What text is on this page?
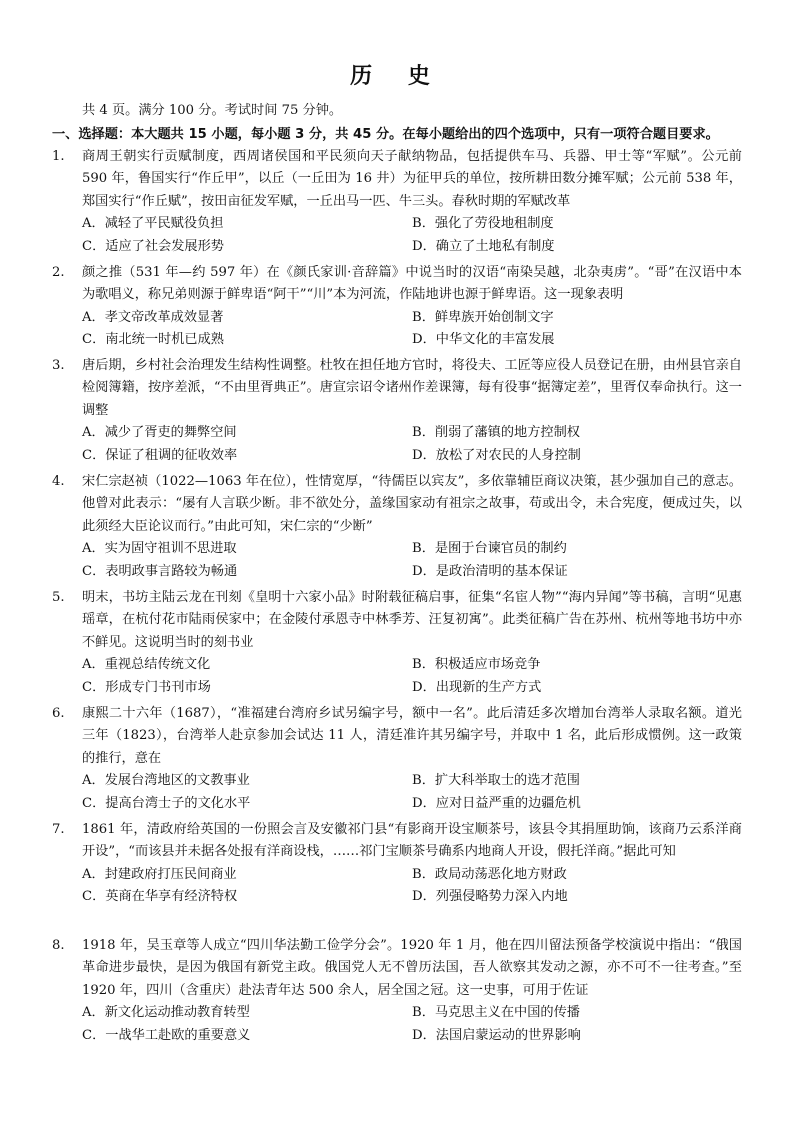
历 史
共 4 页。满分 100 分。考试时间 75 分钟。
一、选择题：本大题共 15 小题，每小题 3 分，共 45 分。在每小题给出的四个选项中，只有一项符合题目要求。
1.	商周王朝实行贡赋制度，西周诸侯国和平民须向天子献纳物品，包括提供车马、兵器、甲士等“军赋”。公元前 590 年，鲁国实行“作丘甲”，以丘（一丘田为 16 井）为征甲兵的单位，按所耕田数分摊军赋；公元前 538 年，郑国实行“作丘赋”，按田亩征发军赋，一丘出马一匹、牛三头。春秋时期的军赋改革
A．减轻了平民赋役负担	B．强化了劳役地租制度
C．适应了社会发展形势	D．确立了土地私有制度
2.	颜之推（531 年—约 597 年）在《颜氏家训·音辞篇》中说当时的汉语“南染吴越，北杂夷虏”。“哥”在汉语中本为歌唱义，称兄弟则源于鲜卑语“阿干”“川”本为河流，作陆地讲也源于鲜卑语。这一现象表明
A．孝文帝改革成效显著	B．鲜卑族开始创制文字
C．南北统一时机已成熟	D．中华文化的丰富发展
3.	唐后期，乡村社会治理发生结构性调整。杜牧在担任地方官时，将役夫、工匠等应役人员登记在册，由州县官亲自检阅簿籍，按序差派，“不由里胥典正”。唐宣宗诏令诸州作差课簿，每有役事“据簿定差”，里胥仅奉命执行。这一调整
A．减少了胥吏的舞弊空间	B．削弱了藩镇的地方控制权
C．保证了租调的征收效率	D．放松了对农民的人身控制
4.	宋仁宗赵祯（1022—1063 年在位），性情宽厚，“待儒臣以宾友”，多依靠辅臣商议决策，甚少强加自己的意志。他曾对此表示：“屡有人言联少断。非不欲处分，盖缘国家动有祖宗之故事，苟或出令，未合宪度，便成过失，以此须经大臣论议而行。”由此可知，宋仁宗的“少断”
A．实为固守祖训不思进取	B．是囿于台谏官员的制约
C．表明政事言路较为畅通	D．是政治清明的基本保证
5.	明末，书坊主陆云龙在刊刻《皇明十六家小品》时附载征稿启事，征集“名宦人物”“海内异闻”等书稿，言明“见惠瑶章，在杭付花市陆雨侯家中；在金陵付承恩寺中林季芳、汪复初寓”。此类征稿广告在苏州、杭州等地书坊中亦不鲜见。这说明当时的刻书业
A．重视总结传统文化	B．积极适应市场竞争
C．形成专门书刊市场	D．出现新的生产方式
6.	康熙二十六年（1687），“准福建台湾府乡试另编字号，额中一名”。此后清廷多次增加台湾举人录取名额。道光三年（1823），台湾举人赴京参加会试达 11 人，清廷准许其另编字号，并取中 1 名，此后形成惯例。这一政策的推行，意在
A．发展台湾地区的文教事业	B．扩大科举取士的选才范围
C．提高台湾士子的文化水平	D．应对日益严重的边疆危机
7.	1861 年，清政府给英国的一份照会言及安徽祁门县“有影商开设宝顺茶号，该县令其捐厘助饷，该商乃云系洋商开设”，“而该县并未据各处报有洋商设栈，……祁门宝顺茶号确系内地商人开设，假托洋商。”据此可知
A．封建政府打压民间商业	B．政局动荡恶化地方财政
C．英商在华享有经济特权	D．列强侵略势力深入内地
8.	1918 年，吴玉章等人成立“四川华法勤工俭学分会”。1920 年 1 月，他在四川留法预备学校演说中指出：“俄国革命进步最快，是因为俄国有新党主政。俄国党人无不曾历法国，吾人欲察其发动之源，亦不可不一往考查。”至 1920 年，四川（含重庆）赴法青年达 500 余人，居全国之冠。这一史事，可用于佐证
A．新文化运动推动教育转型	B．马克思主义在中国的传播
C．一战华工赴欧的重要意义	D．法国启蒙运动的世界影响
